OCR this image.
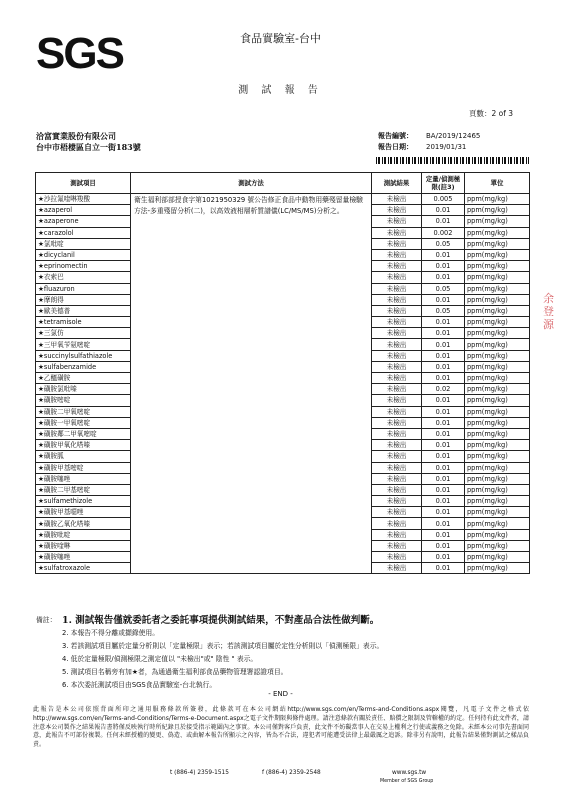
SGS	食品實驗室-台中
測 試 報 告
頁數：2 of 3
洽富實業股份有限公司
台中市梧棲區自立一街183號
報告編號： BA/2019/12465
報告日期： 2019/01/31
測試項目	測試方法	測試結果	定量/偵測極限(註3)	單位
★沙拉氟喹啉羧酸	衛生福利部部授食字第1021950329 號公告修正食品中動物用藥殘留量檢驗方法-多重殘留分析(二)，以高效液相層析質譜儀(LC/MS/MS)分析之。	未檢出	0.005	ppm(mg/kg)
★azaperol		未檢出	0.01	ppm(mg/kg)
★azaperone		未檢出	0.01	ppm(mg/kg)
★carazolol		未檢出	0.002	ppm(mg/kg)
★氯吡啶		未檢出	0.05	ppm(mg/kg)
★dicyclanil		未檢出	0.01	ppm(mg/kg)
★eprinomectin		未檢出	0.01	ppm(mg/kg)
★衣索巴		未檢出	0.01	ppm(mg/kg)
★fluazuron		未檢出	0.05	ppm(mg/kg)
★摩朗得		未檢出	0.01	ppm(mg/kg)
★歐美德普		未檢出	0.05	ppm(mg/kg)
★tetramisole		未檢出	0.01	ppm(mg/kg)
★三氯仿		未檢出	0.01	ppm(mg/kg)
★三甲氧苄氨嘧啶		未檢出	0.01	ppm(mg/kg)
★succinylsulfathiazole		未檢出	0.01	ppm(mg/kg)
★sulfabenzamide		未檢出	0.01	ppm(mg/kg)
★乙醯磺胺		未檢出	0.01	ppm(mg/kg)
★磺胺氯吡嗪		未檢出	0.02	ppm(mg/kg)
★磺胺嘧啶		未檢出	0.01	ppm(mg/kg)
★磺胺二甲氧嘧啶		未檢出	0.01	ppm(mg/kg)
★磺胺一甲氧嘧啶		未檢出	0.01	ppm(mg/kg)
★磺胺鄰二甲氧嘧啶		未檢出	0.01	ppm(mg/kg)
★磺胺甲氧化嗒嗪		未檢出	0.01	ppm(mg/kg)
★磺胺胍		未檢出	0.01	ppm(mg/kg)
★磺胺甲基嘧啶		未檢出	0.01	ppm(mg/kg)
★磺胺噻唑		未檢出	0.01	ppm(mg/kg)
★磺胺二甲基嘧啶		未檢出	0.01	ppm(mg/kg)
★sulfamethizole		未檢出	0.01	ppm(mg/kg)
★磺胺甲基噁唑		未檢出	0.01	ppm(mg/kg)
★磺胺乙氧化嗒嗪		未檢出	0.01	ppm(mg/kg)
★磺胺吡啶		未檢出	0.01	ppm(mg/kg)
★磺胺喹啉		未檢出	0.01	ppm(mg/kg)
★磺胺噻唑		未檢出	0.01	ppm(mg/kg)
★sulfatroxazole		未檢出	0.01	ppm(mg/kg)
余登源
備註： 1. 測試報告僅就委託者之委託事項提供測試結果，不對產品合法性做判斷。
2. 本報告不得分離或擷錄使用。
3. 若該測試項目屬於定量分析則以「定量極限」表示；若該測試項目屬於定性分析則以「偵測極限」表示。
4. 低於定量極限/偵測極限之測定值以 "未檢出"或" 陰性 " 表示。
5. 測試項目名稱旁有加★者，為通過衛生福利部食品藥物管理署認證項目。
6. 本次委託測試項目由SGS食品實驗室-台北執行。
- END -
此報告是本公司依照背面所印之通用服務條款所簽發，此條款可在本公司網站http://www.sgs.com/en/Terms-and-Conditions.aspx閱覽，凡電子文件之格式依http://www.sgs.com/en/Terms-and-Conditions/Terms-e-Document.aspx之電子文件期限與條件處理。請注意條款有關於責任、賠償之限制及管轄權的約定。任何持有此文件者，請注意本公司製作之結果報告書將僅反映執行時所紀錄且於接受指示範圍內之事實。本公司僅對客戶負責，此文件不妨礙當事人在交易上權利之行使或義務之免除。未經本公司事先書面同意，此報告不可部份複製。任何未經授權的變更、偽造、或曲解本報告所顯示之內容，皆為不合法，違犯者可能遭受法律上最嚴厲之追訴。除非另有說明，此報告結果僅對測試之樣品負責。
t (886-4) 2359-1515	f (886-4) 2359-2548	www.sgs.tw
Member of SGS Group
